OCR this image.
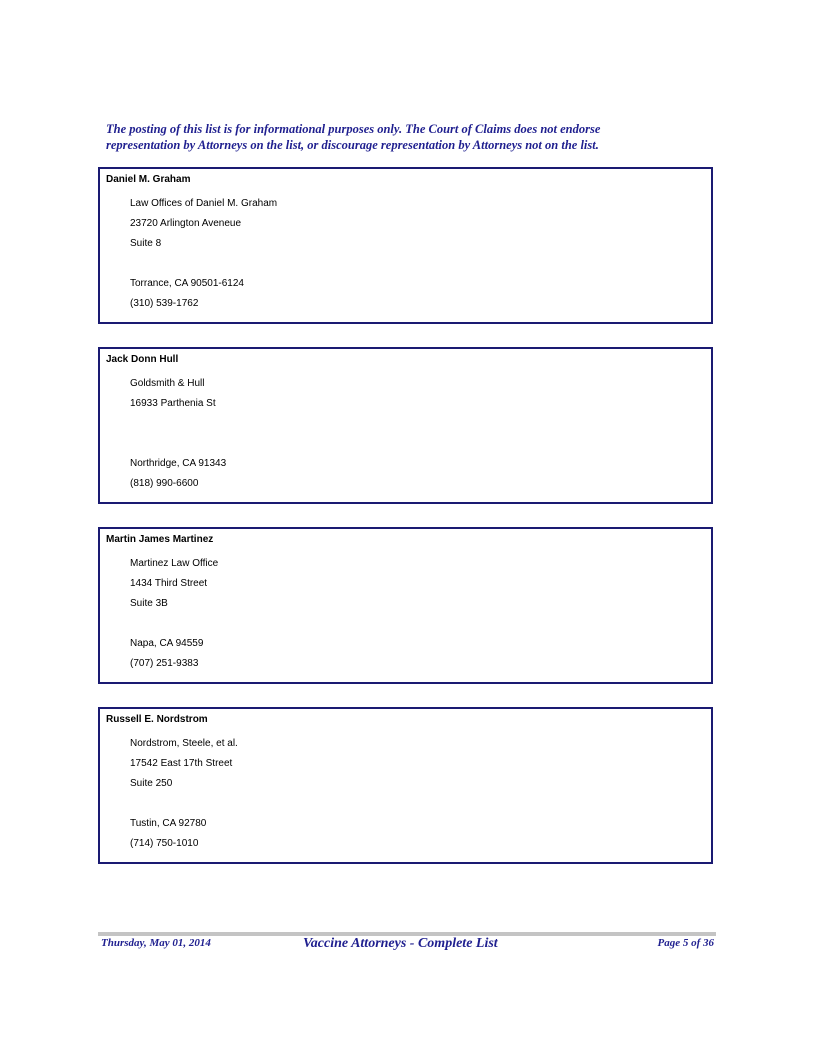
The posting of this list is for informational purposes only. The Court of Claims does not endorse
representation by Attorneys on the list, or discourage representation by Attorneys not on the list.
Daniel M. Graham
Law Offices of Daniel M. Graham
23720 Arlington Aveneue
Suite 8
Torrance, CA 90501-6124
(310) 539-1762
Jack Donn Hull
Goldsmith & Hull
16933 Parthenia St
Northridge, CA 91343
(818) 990-6600
Martin James Martinez
Martinez Law Office
1434 Third Street
Suite 3B
Napa, CA 94559
(707) 251-9383
Russell E. Nordstrom
Nordstrom, Steele, et al.
17542 East 17th Street
Suite 250
Tustin, CA 92780
(714) 750-1010
Thursday, May 01, 2014	Vaccine Attorneys - Complete List	Page 5 of 36
